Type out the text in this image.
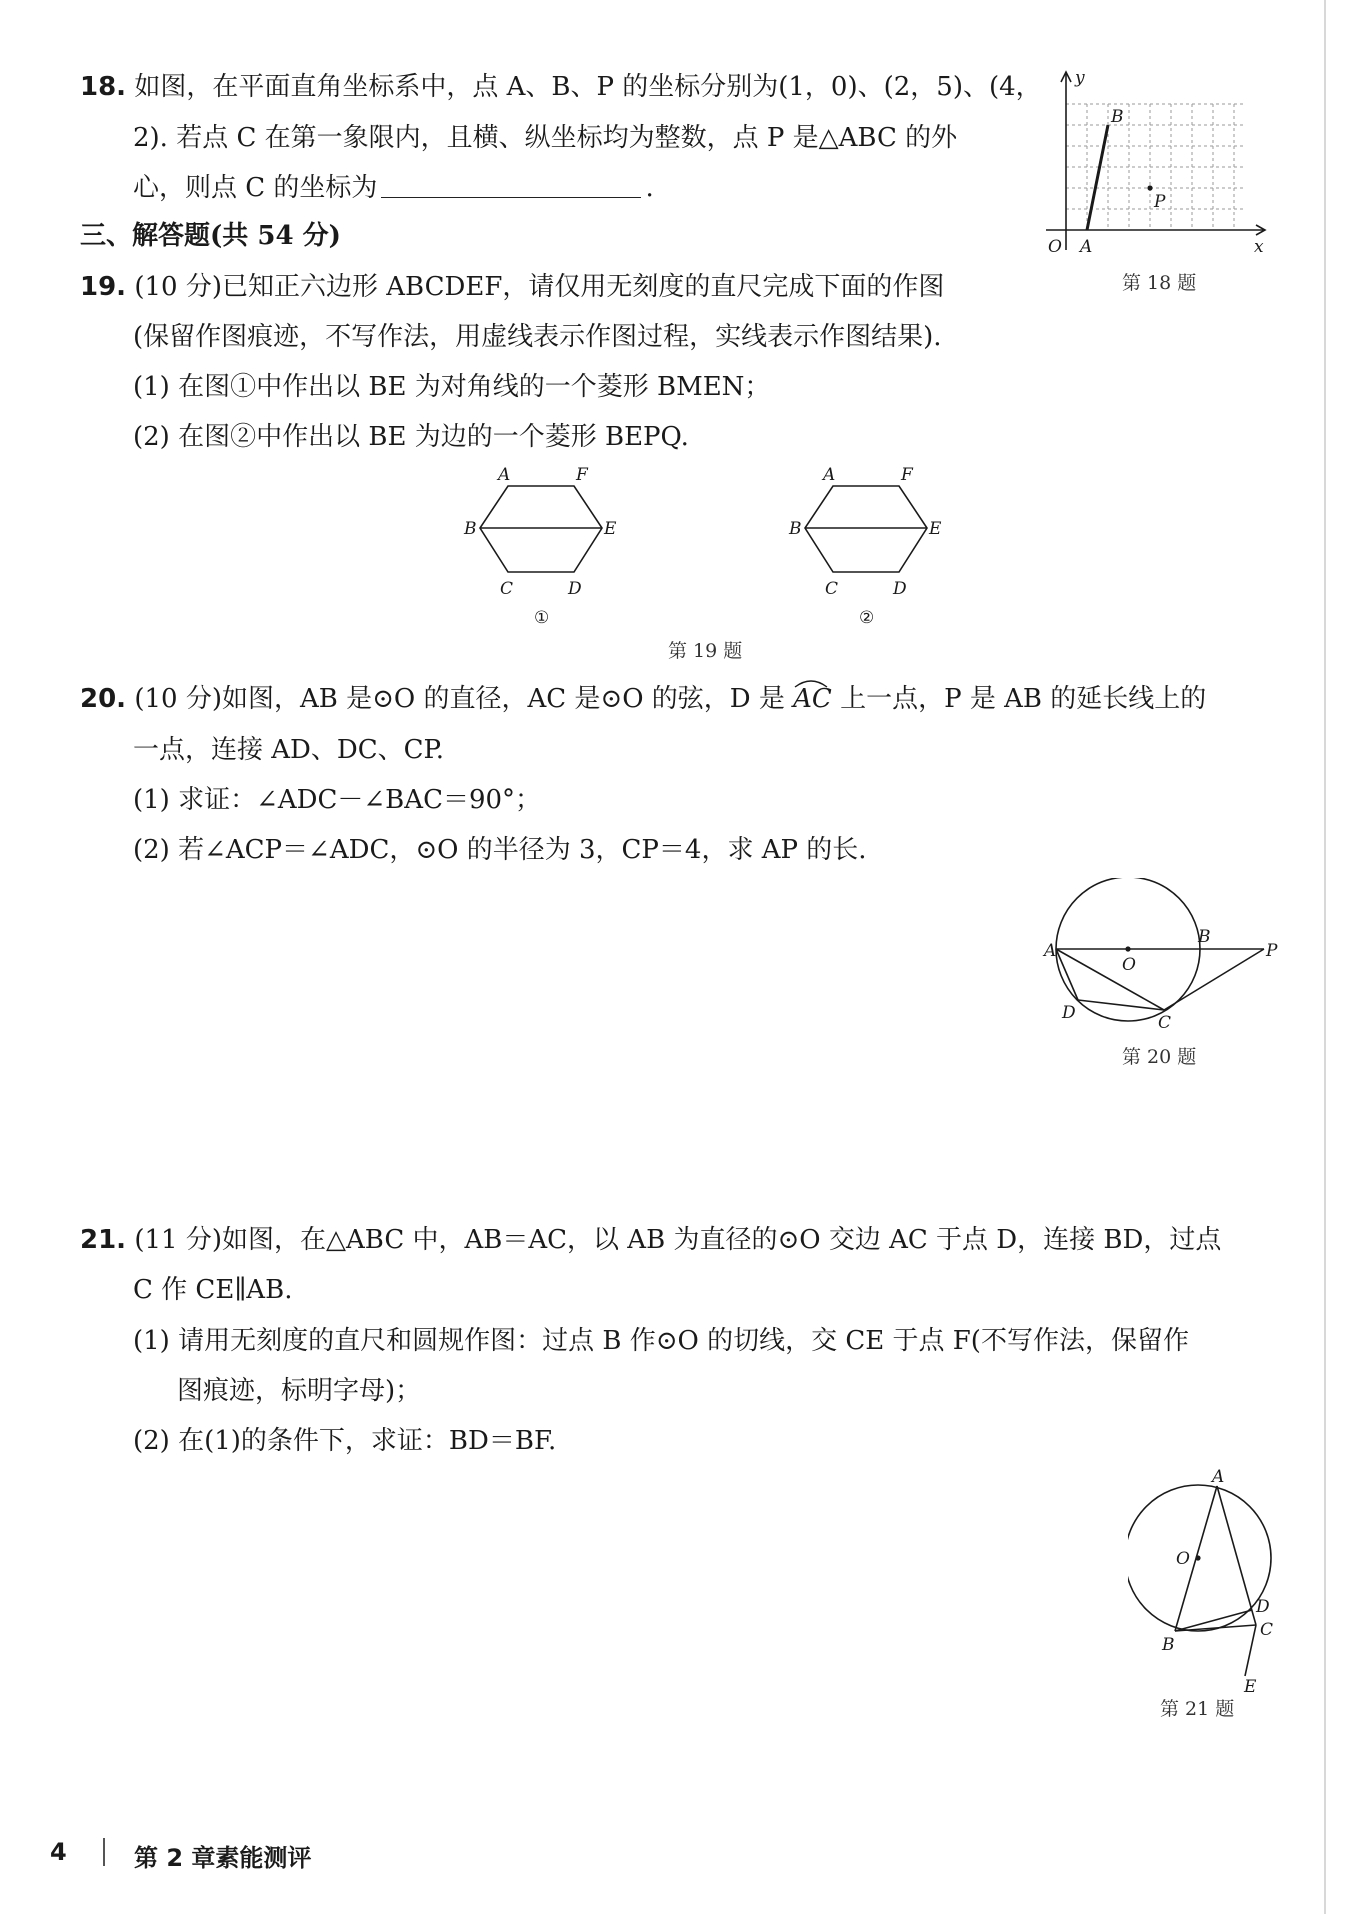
18. 如图，在平面直角坐标系中，点 A、B、P 的坐标分别为(1，0)、(2，5)、(4，
2). 若点 C 在第一象限内，且横、纵坐标均为整数，点 P 是△ABC 的外
心，则点 C 的坐标为	.
y
x
O A
B
P
第 18 题
三、解答题(共 54 分)
19. (10 分)已知正六边形 ABCDEF，请仅用无刻度的直尺完成下面的作图
(保留作图痕迹，不写作法，用虚线表示作图过程，实线表示作图结果).
(1) 在图①中作出以 BE 为对角线的一个菱形 BMEN；
(2) 在图②中作出以 BE 为边的一个菱形 BEPQ.
A	F
B	E
C	D
①
A	F
B	E
C	D
②
第 19 题
20. (10 分)如图，AB 是⊙O 的直径，AC 是⊙O 的弦，D 是 AC 上一点，P 是 AB 的延长线上的
一点，连接 AD、DC、CP.
(1) 求证：∠ADC－∠BAC＝90°；
(2) 若∠ACP＝∠ADC，⊙O 的半径为 3，CP＝4，求 AP 的长.
A
O
B
P
D	C
第 20 题
21. (11 分)如图，在△ABC 中，AB＝AC，以 AB 为直径的⊙O 交边 AC 于点 D，连接 BD，过点
C 作 CE∥AB.
(1) 请用无刻度的直尺和圆规作图：过点 B 作⊙O 的切线，交 CE 于点 F(不写作法，保留作
图痕迹，标明字母)；
(2) 在(1)的条件下，求证：BD＝BF.
A
O
D
C
B
E
第 21 题
4	第 2 章素能测评
